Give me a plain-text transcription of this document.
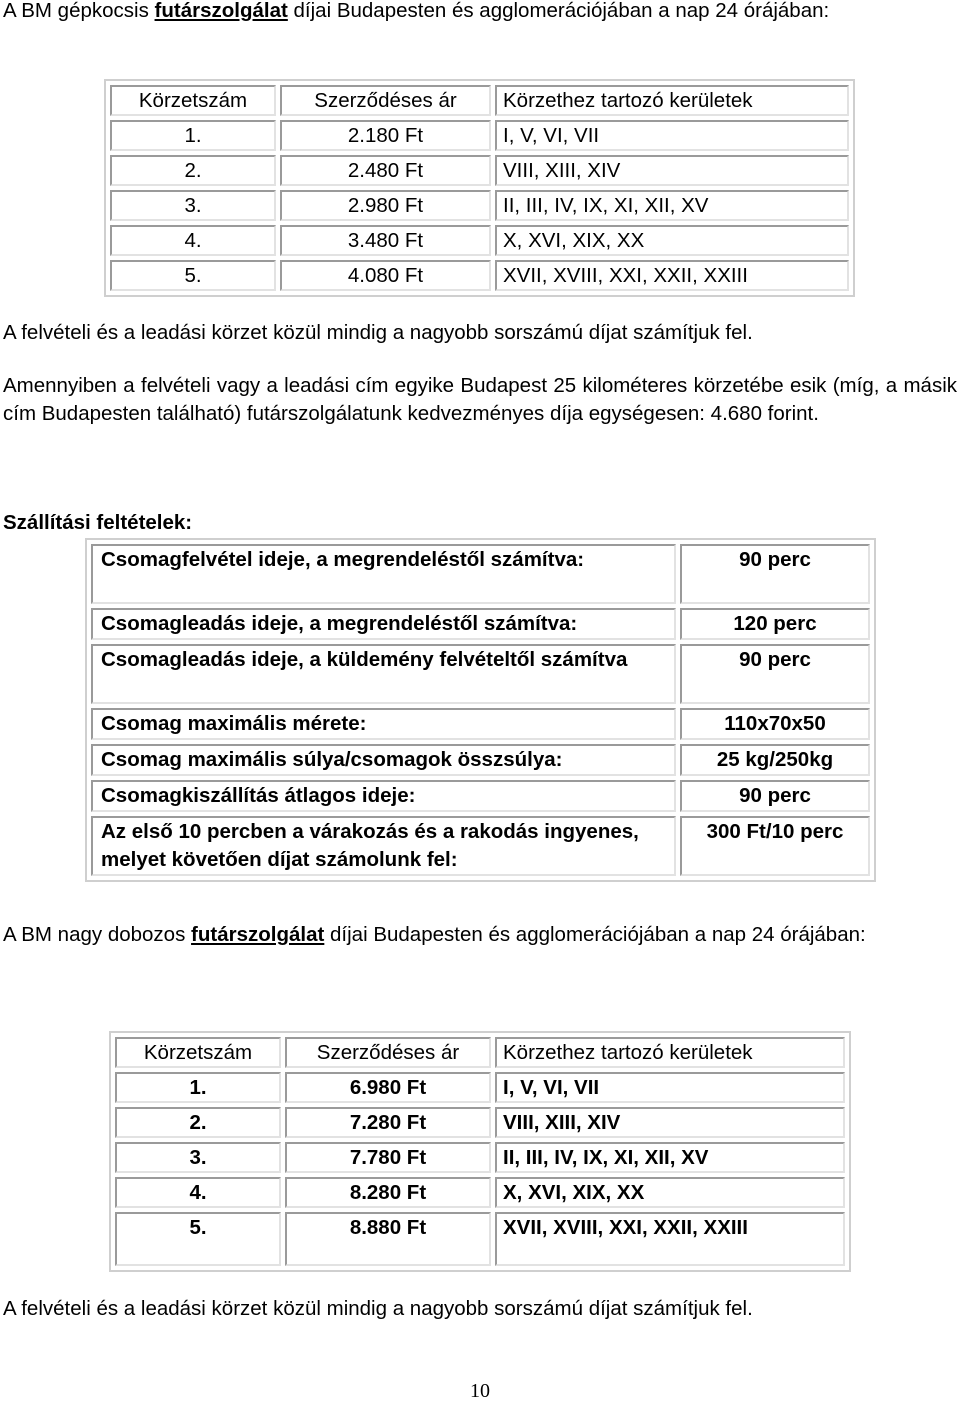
A BM gépkocsis futárszolgálat díjai Budapesten és agglomerációjában a nap 24 órájában:
Körzetszám	Szerződéses ár	Körzethez tartozó kerületek
1.	2.180 Ft	I, V, VI, VII
2.	2.480 Ft	VIII, XIII, XIV
3.	2.980 Ft	II, III, IV, IX, XI, XII, XV
4.	3.480 Ft	X, XVI, XIX, XX
5.	4.080 Ft	XVII, XVIII, XXI, XXII, XXIII
A felvételi és a leadási körzet közül mindig a nagyobb sorszámú díjat számítjuk fel.
Amennyiben a felvételi vagy a leadási cím egyike Budapest 25 kilométeres körzetébe esik (míg, a másik cím Budapesten található) futárszolgálatunk kedvezményes díja egységesen: 4.680 forint.
Szállítási feltételek:
Csomagfelvétel ideje, a megrendeléstől számítva:	90 perc
Csomagleadás ideje, a megrendeléstől számítva:	120 perc
Csomagleadás ideje, a küldemény felvételtől számítva	90 perc
Csomag maximális mérete:	110x70x50
Csomag maximális súlya/csomagok összsúlya:	25 kg/250kg
Csomagkiszállítás átlagos ideje:	90 perc
Az első 10 percben a várakozás és a rakodás ingyenes, melyet követően díjat számolunk fel:	300 Ft/10 perc
A BM nagy dobozos futárszolgálat díjai Budapesten és agglomerációjában a nap 24 órájában:
Körzetszám	Szerződéses ár	Körzethez tartozó kerületek
1.	6.980 Ft	I, V, VI, VII
2.	7.280 Ft	VIII, XIII, XIV
3.	7.780 Ft	II, III, IV, IX, XI, XII, XV
4.	8.280 Ft	X, XVI, XIX, XX
5.	8.880 Ft	XVII, XVIII, XXI, XXII, XXIII
A felvételi és a leadási körzet közül mindig a nagyobb sorszámú díjat számítjuk fel.
10
